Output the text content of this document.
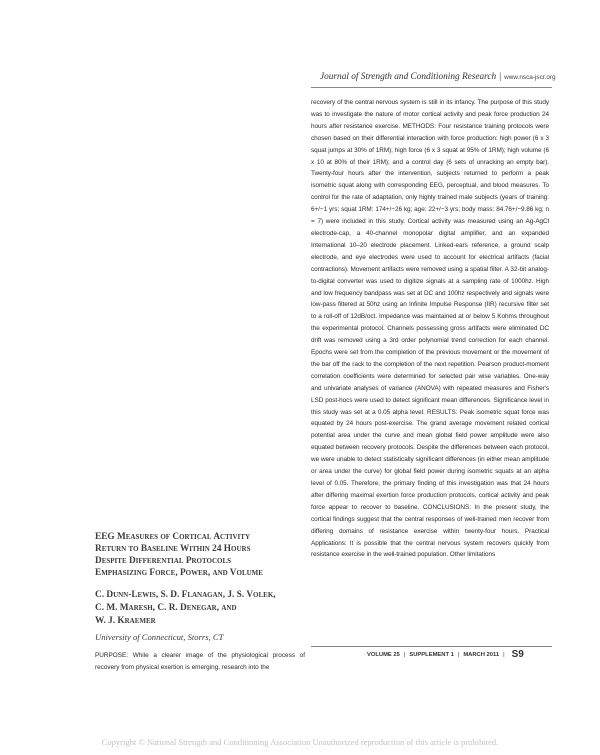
Journal of Strength and Conditioning Research | www.nsca-jscr.org

recovery of the central nervous system is still in its infancy. The purpose of this study was to investigate the nature of motor cortical activity and peak force production 24 hours after resistance exercise. METHODS: Four resistance training protocols were chosen based on their differential interaction with force production: high power (6 x 3 squat jumps at 30% of 1RM); high force (6 x 3 squat at 95% of 1RM); high volume (6 x 10 at 80% of their 1RM); and a control day (6 sets of unracking an empty bar). Twenty-four hours after the intervention, subjects returned to perform a peak isometric squat along with corresponding EEG, perceptual, and blood measures. To control for the rate of adaptation, only highly trained male subjects (years of training: 6+/−1 yrs; squat 1RM: 174+/−26 kg; age: 22+/−3 yrs; body mass: 84.76+/−9.86 kg; n = 7) were included in this study. Cortical activity was measured using an Ag-AgCl electrode-cap, a 40-channel monopolar digital amplifier, and an expanded International 10–20 electrode placement. Linked-ears reference, a ground scalp electrode, and eye electrodes were used to account for electrical artifacts (facial contractions). Movement artifacts were removed using a spatial filter. A 32-bit analog-to-digital converter was used to digitize signals at a sampling rate of 1000hz. High and low frequency bandpass was set at DC and 100hz respectively and signals were low-pass filtered at 50hz using an Infinite Impulse Response (IIR) recursive filter set to a roll-off of 12dB/oct. Impedance was maintained at or below 5 Kohms throughout the experimental protocol. Channels possessing gross artifacts were eliminated DC drift was removed using a 3rd order polynomial trend correction for each channel. Epochs were set from the completion of the previous movement or the movement of the bar off the rack to the completion of the next repetition. Pearson product-moment correlation coefficients were determined for selected pair wise variables. One-way and univariate analyses of variance (ANOVA) with repeated measures and Fisher's LSD post-hocs were used to detect significant mean differences. Significance level in this study was set at a 0.05 alpha level. RESULTS: Peak isometric squat force was equated by 24 hours post-exercise. The grand average movement related cortical potential area under the curve and mean global field power amplitude were also equated between recovery protocols. Despite the differences between each protocol, we were unable to detect statistically significant differences (in either mean amplitude or area under the curve) for global field power during isometric squats at an alpha level of 0.05. Therefore, the primary finding of this investigation was that 24 hours after differing maximal exertion force production protocols, cortical activity and peak force appear to recover to baseline. CONCLUSIONS: In the present study, the cortical findings suggest that the central responses of well-trained men recover from differing domains of resistance exercise within twenty-four hours. Practical Applications: It is possible that the central nervous system recovers quickly from resistance exercise in the well-trained population. Other limitations

EEG Measures of Cortical Activity
Return to Baseline Within 24 Hours
Despite Differential Protocols
Emphasizing Force, Power, and Volume

C. Dunn-Lewis, S. D. Flanagan, J. S. Volek,
C. M. Maresh, C. R. Denegar, and
W. J. Kraemer

University of Connecticut, Storrs, CT

PURPOSE: While a clearer image of the physiological process of recovery from physical exertion is emerging, research into the

VOLUME 25 | SUPPLEMENT 1 | MARCH 2011 | S9
Copyright © National Strength and Conditioning Association Unauthorized reproduction of this article is prohibited.
